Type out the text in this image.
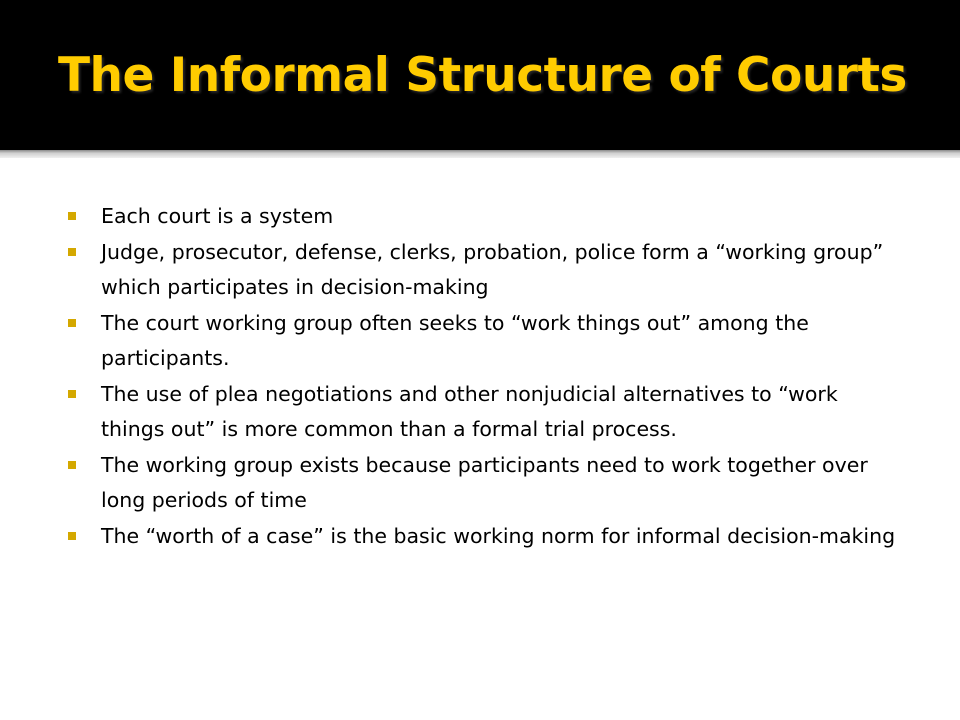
The Informal Structure of Courts
Each court is a system
Judge, prosecutor, defense, clerks, probation, police form a “working group” which participates in decision-making
The court working group often seeks to “work things out” among the participants.
The use of plea negotiations and other nonjudicial alternatives to “work things out” is more common than a formal trial process.
The working group exists because participants need to work together over long periods of time
The “worth of a case” is the basic working norm for informal decision-making
